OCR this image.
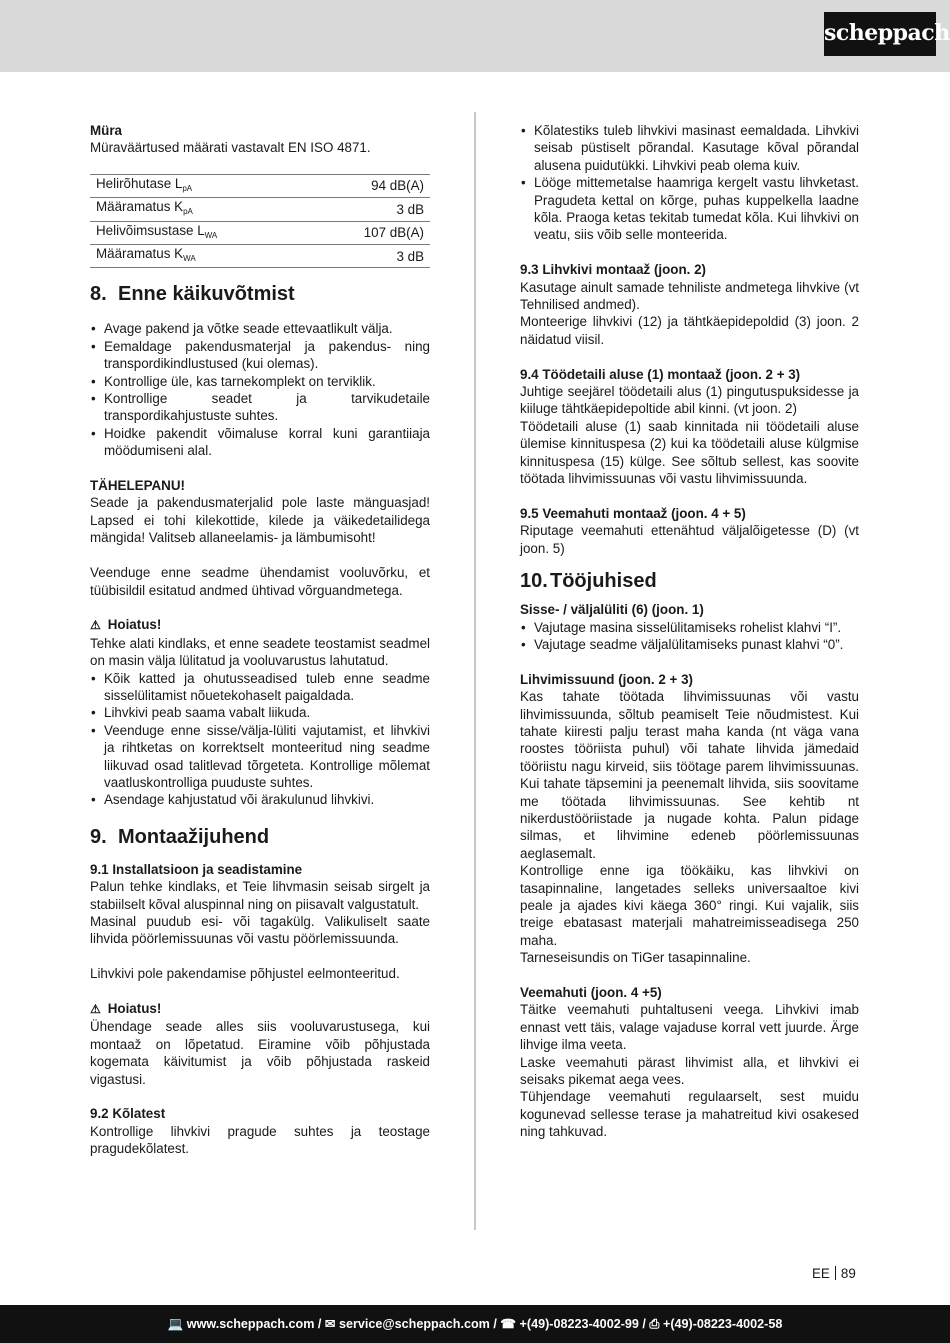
scheppach

Müra

Müraväärtused määrati vastavalt EN ISO 4871.

Helirõhutase $L_{pA}$	94 dB(A)
Määramatus $K_{pA}$	3 dB
Helivõimsustase $L_{WA}$	107 dB(A)
Määramatus $K_{WA}$	3 dB
8. Enne käikuvõtmist
• Avage pakend ja võtke seade ettevaatlikult välja.
• Eemaldage pakendusmaterjal ja pakendus- ning transpordikindlustused (kui olemas).
• Kontrollige üle, kas tarnekomplekt on terviklik.
• Kontrollige seadet ja tarvikudetaile transpordikahjustuste suhtes.
• Hoidke pakendit võimaluse korral kuni garantiiaja möödumiseni alal.

TÄHELEPANU!

Seade ja pakendusmaterjalid pole laste mänguasjad! Lapsed ei tohi kilekottide, kilede ja väikedetailidega mängida! Valitseb allaneelamis- ja lämbumisoht!

Veenduge enne seadme ühendamist vooluvõrku, et tüübisildil esitatud andmed ühtivad võrguandmetega.

⚠ Hoiatus!

Tehke alati kindlaks, et enne seadete teostamist seadmel on masin välja lülitatud ja vooluvarustus lahutatud.

• Kõik katted ja ohutusseadised tuleb enne seadme sisselülitamist nõuetekohaselt paigaldada.
• Lihvkivi peab saama vabalt liikuda.
• Veenduge enne sisse/välja-lüliti vajutamist, et lihvkivi ja rihtketas on korrektselt monteeritud ning seadme liikuvad osad talitlevad tõrgeteta. Kontrollige mõlemat vaatluskontrolliga puuduste suhtes.
• Asendage kahjustatud või ärakulunud lihvkivi.
9. Montaažijuhend

9.1 Installatsioon ja seadistamine

Palun tehke kindlaks, et Teie lihvmasin seisab sirgelt ja stabiilselt kõval aluspinnal ning on piisavalt valgustatult.

Masinal puudub esi- või tagakülg. Valikuliselt saate lihvida pöörlemissuunas või vastu pöörlemissuunda.

Lihvkivi pole pakendamise põhjustel eelmonteeritud.

⚠ Hoiatus!

Ühendage seade alles siis vooluvarustusega, kui montaaž on lõpetatud. Eiramine võib põhjustada kogemata käivitumist ja võib põhjustada raskeid vigastusi.

9.2 Kõlatest

Kontrollige lihvkivi pragude suhtes ja teostage pragudekõlatest.

• Kõlatestiks tuleb lihvkivi masinast eemaldada. Lihvkivi seisab püstiselt põrandal. Kasutage kõval põrandal alusena puidutükki. Lihvkivi peab olema kuiv.
• Lööge mittemetalse haamriga kergelt vastu lihvketast. Pragudeta kettal on kõrge, puhas kuppelkella laadne kõla. Praoga ketas tekitab tumedat kõla. Kui lihvkivi on veatu, siis võib selle monteerida.

9.3 Lihvkivi montaaž (joon. 2)

Kasutage ainult samade tehniliste andmetega lihvkive (vt Tehnilised andmed).

Monteerige lihvkivi (12) ja tähtkäepidepoldid (3) joon. 2 näidatud viisil.

9.4 Töödetaili aluse (1) montaaž (joon. 2 + 3)

Juhtige seejärel töödetaili alus (1) pingutuspuksidesse ja kiiluge tähtkäepidepoltide abil kinni. (vt joon. 2)

Töödetaili aluse (1) saab kinnitada nii töödetaili aluse ülemise kinnituspesa (2) kui ka töödetaili aluse külgmise kinnituspesa (15) külge. See sõltub sellest, kas soovite töötada lihvimissuunas või vastu lihvimissuunda.

9.5 Veemahuti montaaž (joon. 4 + 5)

Riputage veemahuti ettenähtud väljalõigetesse (D) (vt joon. 5)

10. Tööjuhised

Sisse- / väljalüliti (6) (joon. 1)

• Vajutage masina sisselülitamiseks rohelist klahvi “I”.
• Vajutage seadme väljalülitamiseks punast klahvi “0”.

Lihvimissuund (joon. 2 + 3)

Kas tahate töötada lihvimissuunas või vastu lihvimissuunda, sõltub peamiselt Teie nõudmistest. Kui tahate kiiresti palju terast maha kanda (nt väga vana roostes tööriista puhul) või tahate lihvida jämedaid tööriistu nagu kirveid, siis töötage parem lihvimissuunas. Kui tahate täpsemini ja peenemalt lihvida, siis soovitame me töötada lihvimissuunas. See kehtib nt nikerdustööriistade ja nugade kohta. Palun pidage silmas, et lihvimine edeneb pöörlemissuunas aeglasemalt.

Kontrollige enne iga töökäiku, kas lihvkivi on tasapinnaline, langetades selleks universaaltoe kivi peale ja ajades kivi käega 360° ringi. Kui vajalik, siis treige ebatasast materjali mahatreimisseadisega 250 maha.

Tarneseisundis on TiGer tasapinnaline.

Veemahuti (joon. 4 +5)

Täitke veemahuti puhtaltuseni veega. Lihvkivi imab ennast vett täis, valage vajaduse korral vett juurde. Ärge lihvige ilma veeta.

Laske veemahuti pärast lihvimist alla, et lihvkivi ei seisaks pikemat aega vees.

Tühjendage veemahuti regulaarselt, sest muidu kogunevad sellesse terase ja mahatreitud kivi osakesed ning tahkuvad.

EE 89
💻 www.scheppach.com / ✉ service@scheppach.com / ☎ +(49)-08223-4002-99 / ⎙ +(49)-08223-4002-58
